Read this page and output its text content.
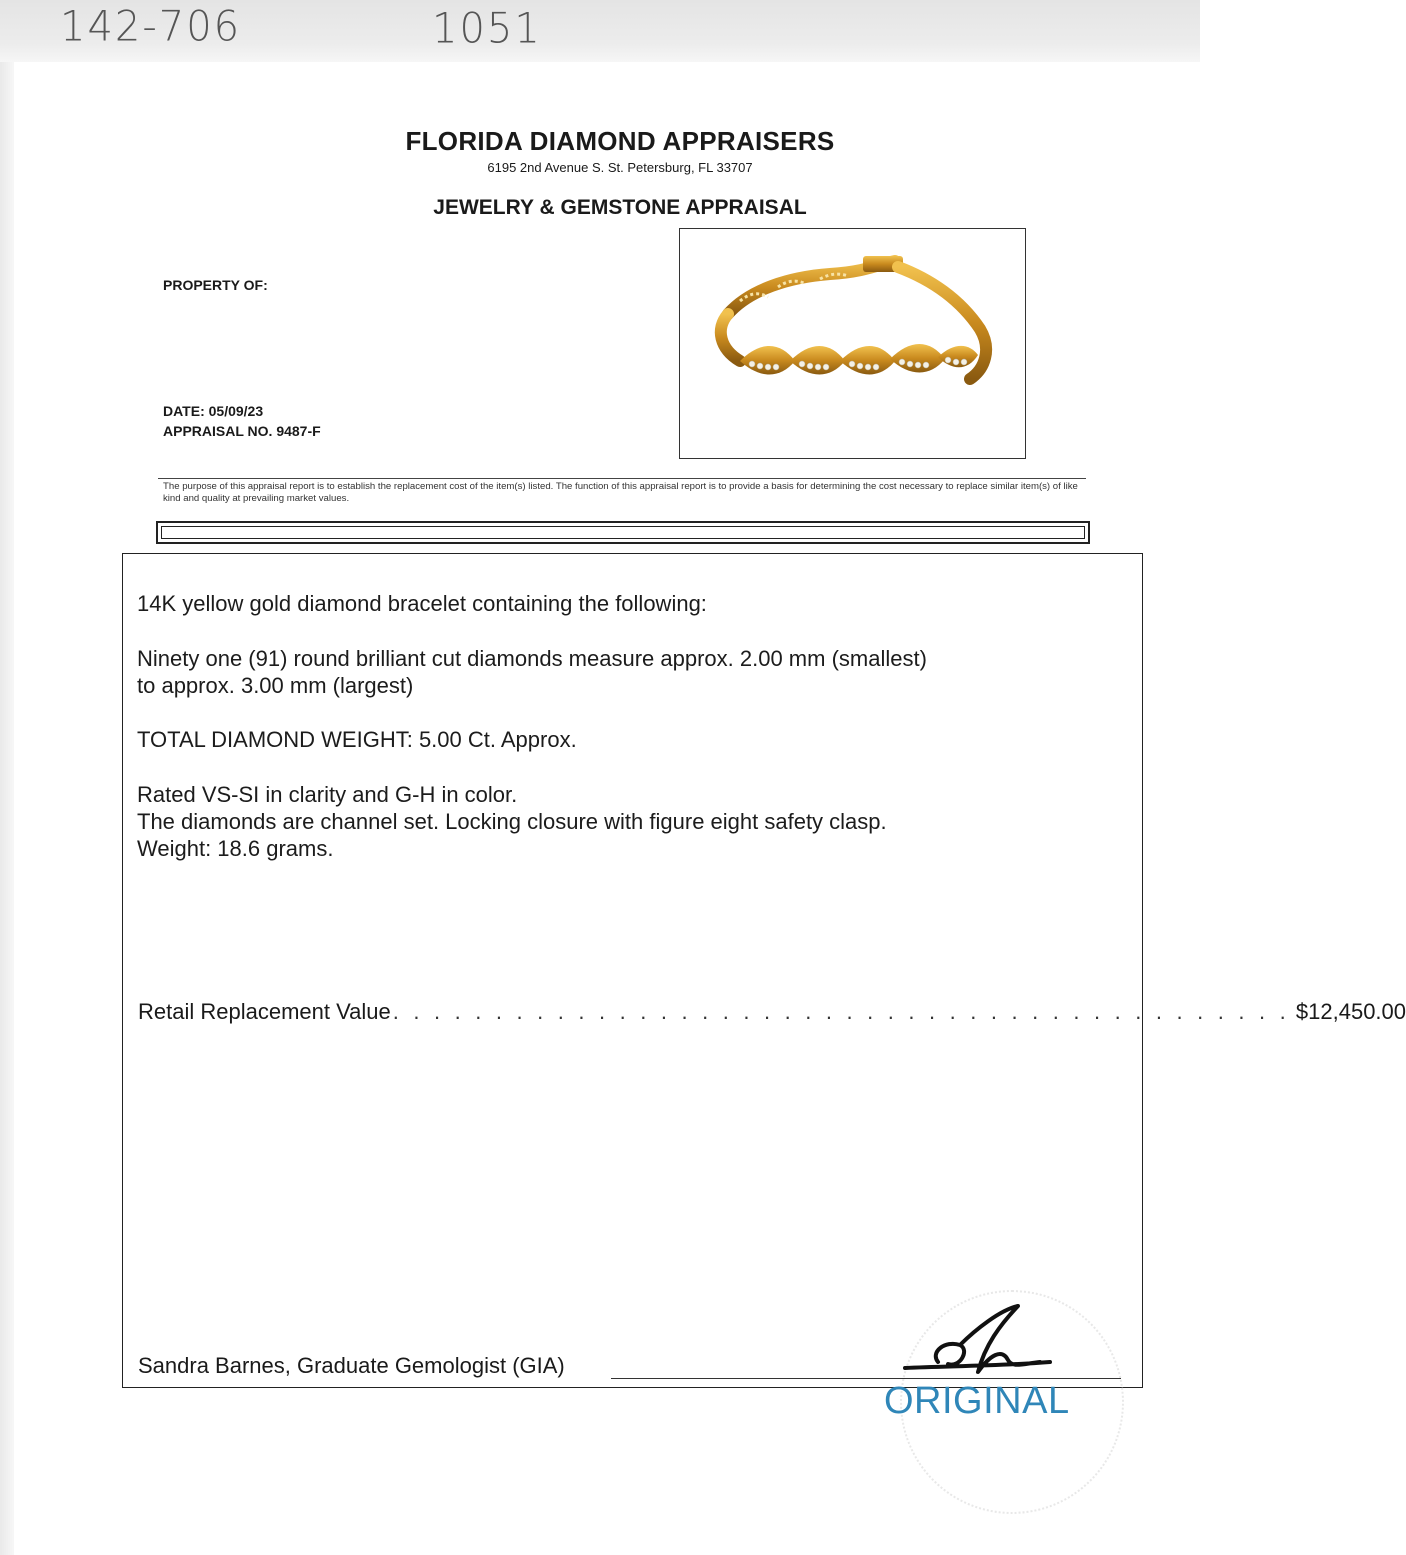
142-706	1051
FLORIDA DIAMOND APPRAISERS
6195 2nd Avenue S. St. Petersburg, FL 33707
JEWELRY & GEMSTONE APPRAISAL
PROPERTY OF:
DATE: 05/09/23
APPRAISAL NO. 9487-F
The purpose of this appraisal report is to establish the replacement cost of the item(s) listed. The function of this appraisal report is to provide a basis for determining the cost necessary to replace similar item(s) of like kind and quality at prevailing market values.
14K yellow gold diamond bracelet containing the following:
Ninety one (91) round brilliant cut diamonds measure approx. 2.00 mm (smallest) to approx. 3.00 mm (largest)
TOTAL DIAMOND WEIGHT: 5.00 Ct. Approx.
Rated VS-SI in clarity and G-H in color.
The diamonds are channel set. Locking closure with figure eight safety clasp.
Weight: 18.6 grams.
Retail Replacement Value . . . . . . . . . . . . . . . . . . . . . . . . . . . . . . . . . . . . . . . . . . . . $12,450.00
Sandra Barnes, Graduate Gemologist (GIA)
ORIGINAL
